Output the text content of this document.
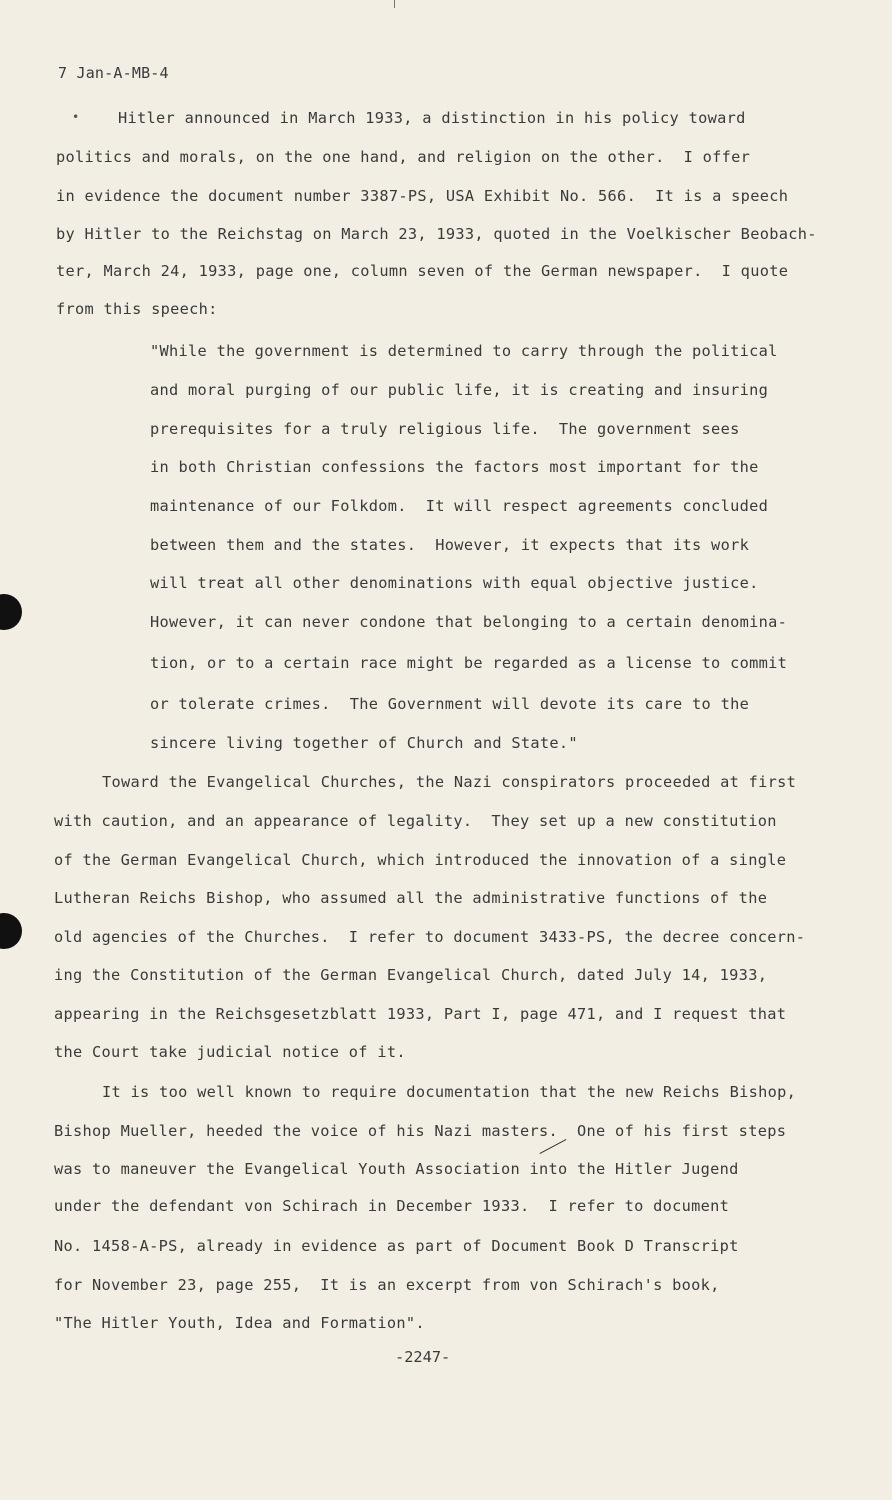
7 Jan-A-MB-4
•	Hitler announced in March 1933, a distinction in his policy toward
politics and morals, on the one hand, and religion on the other.  I offer
in evidence the document number 3387-PS, USA Exhibit No. 566.  It is a speech
by Hitler to the Reichstag on March 23, 1933, quoted in the Voelkischer Beobach-
ter, March 24, 1933, page one, column seven of the German newspaper.  I quote
from this speech:
"While the government is determined to carry through the political
and moral purging of our public life, it is creating and insuring
prerequisites for a truly religious life.  The government sees
in both Christian confessions the factors most important for the
maintenance of our Folkdom.  It will respect agreements concluded
between them and the states.  However, it expects that its work
will treat all other denominations with equal objective justice.
However, it can never condone that belonging to a certain denomina-
tion, or to a certain race might be regarded as a license to commit
or tolerate crimes.  The Government will devote its care to the
sincere living together of Church and State."
Toward the Evangelical Churches, the Nazi conspirators proceeded at first
with caution, and an appearance of legality.  They set up a new constitution
of the German Evangelical Church, which introduced the innovation of a single
Lutheran Reichs Bishop, who assumed all the administrative functions of the
old agencies of the Churches.  I refer to document 3433-PS, the decree concern-
ing the Constitution of the German Evangelical Church, dated July 14, 1933,
appearing in the Reichsgesetzblatt 1933, Part I, page 471, and I request that
the Court take judicial notice of it.
It is too well known to require documentation that the new Reichs Bishop,
Bishop Mueller, heeded the voice of his Nazi masters.  One of his first steps
was to maneuver the Evangelical Youth Association into the Hitler Jugend
under the defendant von Schirach in December 1933.  I refer to document
No. 1458-A-PS, already in evidence as part of Document Book D Transcript
for November 23, page 255,  It is an excerpt from von Schirach's book,
"The Hitler Youth, Idea and Formation".
-2247-
